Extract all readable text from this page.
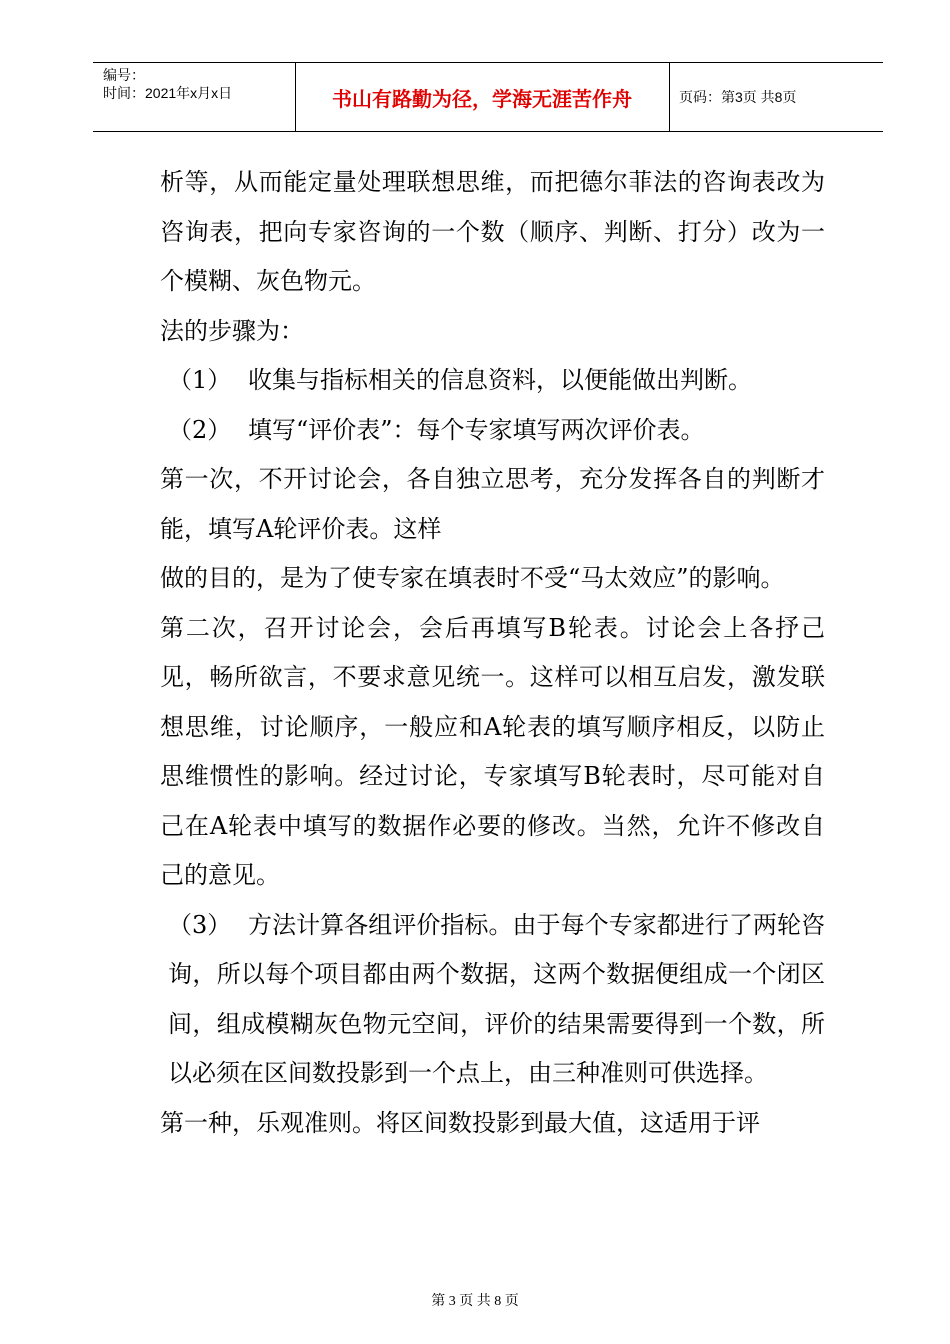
编号：
时间：2021年x月x日	书山有路勤为径，学海无涯苦作舟	页码：第3页 共8页

析等，从而能定量处理联想思维，而把德尔菲法的咨询表改为咨询表，把向专家咨询的一个数（顺序、判断、打分）改为一个模糊、灰色物元。

法的步骤为：

（1） 收集与指标相关的信息资料，以便能做出判断。

（2） 填写“评价表”：每个专家填写两次评价表。

第一次，不开讨论会，各自独立思考，充分发挥各自的判断才能，填写A轮评价表。这样

做的目的，是为了使专家在填表时不受“马太效应”的影响。

第二次，召开讨论会，会后再填写B轮表。讨论会上各抒己见，畅所欲言，不要求意见统一。这样可以相互启发，激发联想思维，讨论顺序，一般应和A轮表的填写顺序相反，以防止思维惯性的影响。经过讨论，专家填写B轮表时，尽可能对自己在A轮表中填写的数据作必要的修改。当然，允许不修改自己的意见。

（3） 方法计算各组评价指标。由于每个专家都进行了两轮咨询，所以每个项目都由两个数据，这两个数据便组成一个闭区间，组成模糊灰色物元空间，评价的结果需要得到一个数，所以必须在区间数投影到一个点上，由三种准则可供选择。

第一种，乐观准则。将区间数投影到最大值，这适用于评

第 3 页 共 8 页
